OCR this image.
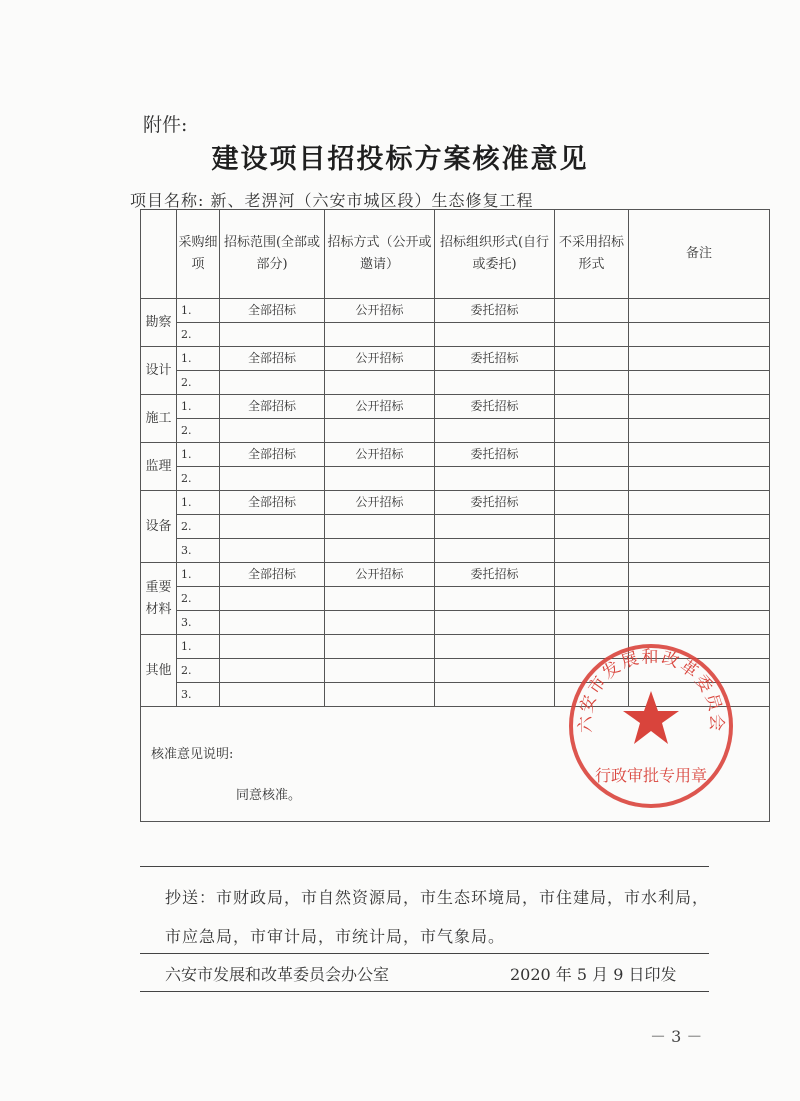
附件:
建设项目招投标方案核准意见
项目名称: 新、老淠河（六安市城区段）生态修复工程
	采购细项	招标范围(全部或部分)	招标方式（公开或邀请）	招标组织形式(自行或委托)	不采用招标形式	备注
勘察	1.	全部招标	公开招标	委托招标		
	2.					
设计	1.	全部招标	公开招标	委托招标		
	2.					
施工	1.	全部招标	公开招标	委托招标		
	2.					
监理	1.	全部招标	公开招标	委托招标		
	2.					
设备	1.	全部招标	公开招标	委托招标		
	2.					
	3.					
重要材料	1.	全部招标	公开招标	委托招标		
	2.					
	3.					
其他	1.					
	2.					
	3.					

核准意见说明:
同意核准。						
六安市发展和改革委员会
行政审批专用章
抄送：市财政局，市自然资源局，市生态环境局，市住建局，市水利局，市应急局，市审计局，市统计局，市气象局。
六安市发展和改革委员会办公室	2020 年 5 月 9 日印发
－ 3 －
